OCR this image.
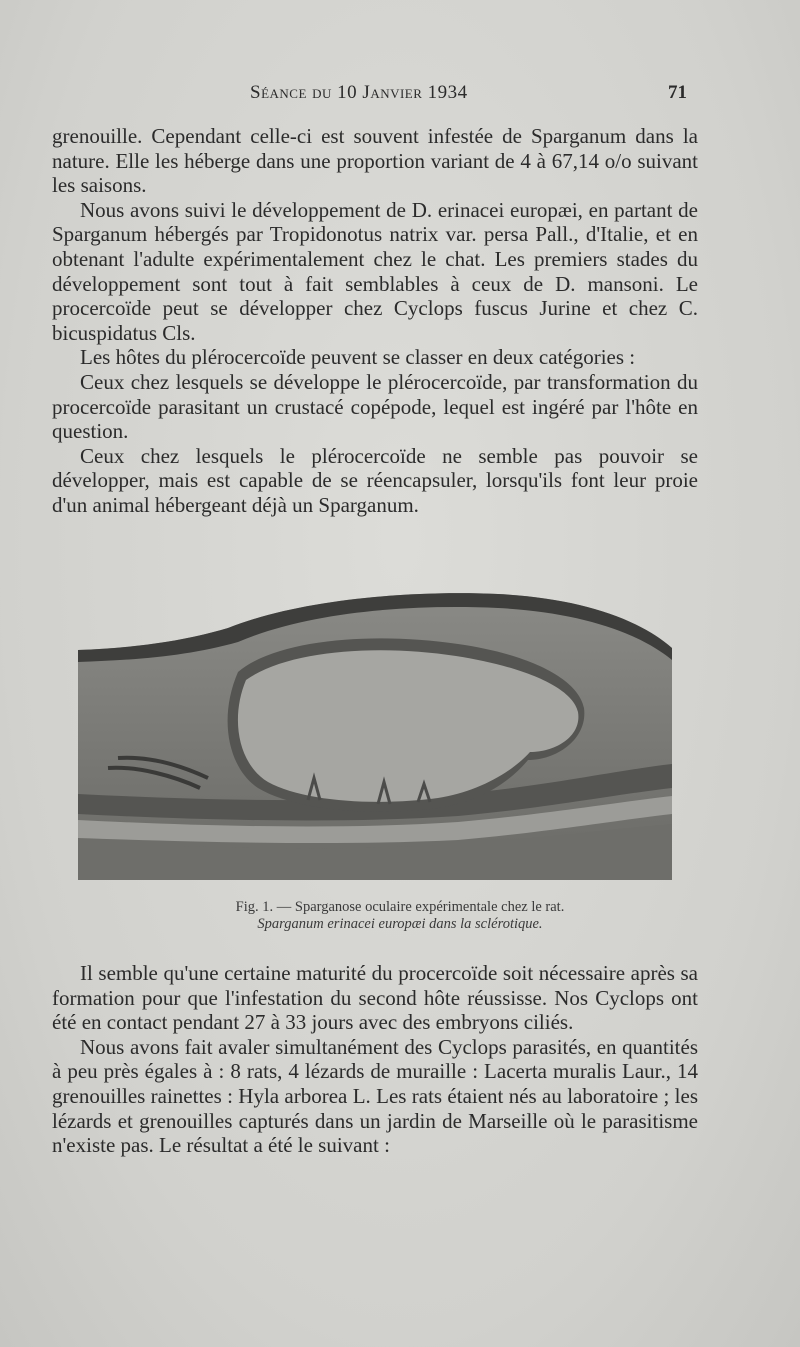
Séance du 10 Janvier 1934	71

grenouille. Cependant celle-ci est souvent infestée de Sparganum dans la nature. Elle les héberge dans une proportion variant de 4 à 67,14 o/o suivant les saisons.

Nous avons suivi le développement de D. erinacei europæi, en partant de Sparganum hébergés par Tropidonotus natrix var. persa Pall., d'Italie, et en obtenant l'adulte expérimentalement chez le chat. Les premiers stades du développement sont tout à fait semblables à ceux de D. mansoni. Le procercoïde peut se développer chez Cyclops fuscus Jurine et chez C. bicuspidatus Cls.

Les hôtes du plérocercoïde peuvent se classer en deux catégories :

Ceux chez lesquels se développe le plérocercoïde, par transformation du procercoïde parasitant un crustacé copépode, lequel est ingéré par l'hôte en question.

Ceux chez lesquels le plérocercoïde ne semble pas pouvoir se développer, mais est capable de se réencapsuler, lorsqu'ils font leur proie d'un animal hébergeant déjà un Sparganum.

Fig. 1. — Sparganose oculaire expérimentale chez le rat.
Sparganum erinacei europæi dans la sclérotique.

Il semble qu'une certaine maturité du procercoïde soit nécessaire après sa formation pour que l'infestation du second hôte réussisse. Nos Cyclops ont été en contact pendant 27 à 33 jours avec des embryons ciliés.

Nous avons fait avaler simultanément des Cyclops parasités, en quantités à peu près égales à : 8 rats, 4 lézards de muraille : Lacerta muralis Laur., 14 grenouilles rainettes : Hyla arborea L. Les rats étaient nés au laboratoire ; les lézards et grenouilles capturés dans un jardin de Marseille où le parasitisme n'existe pas. Le résultat a été le suivant :
